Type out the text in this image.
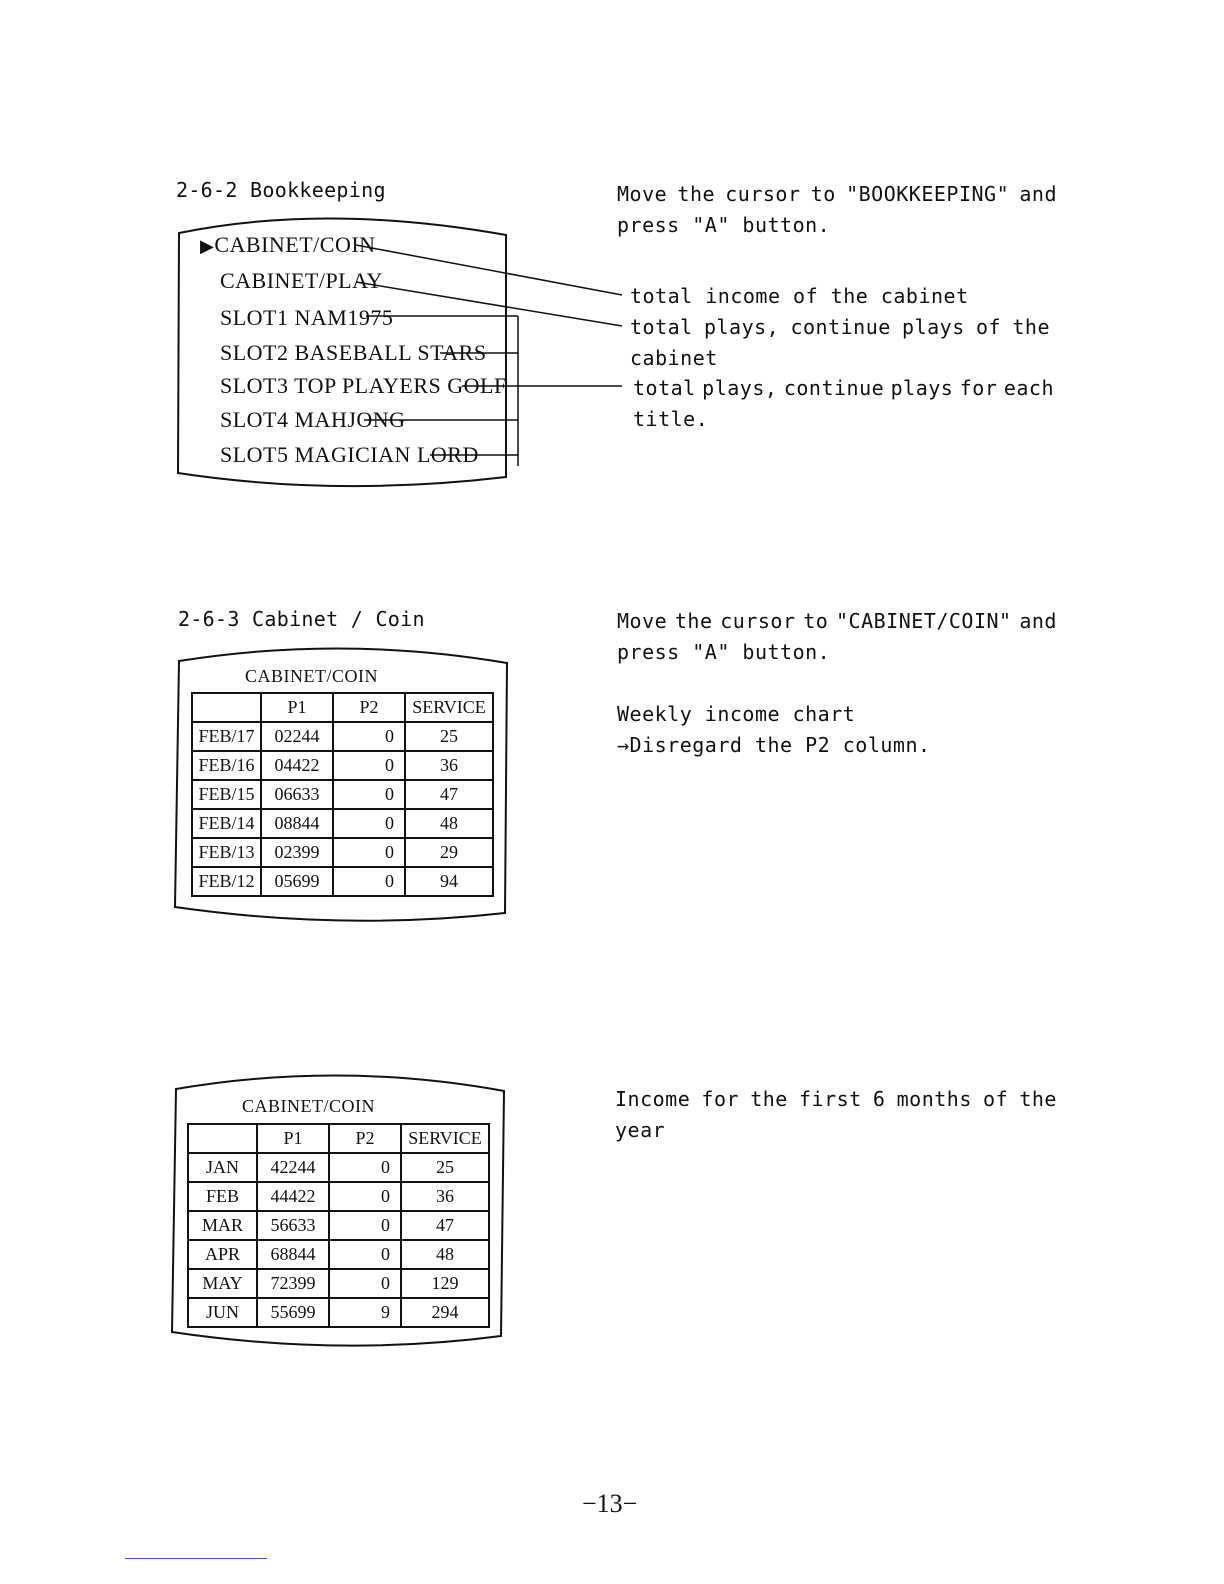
2-6-2 Bookkeeping	Move the cursor to "BOOKKEEPING" and
press "A" button.
▶CABINET/COIN
CABINET/PLAY
SLOT1 NAM1975
SLOT2 BASEBALL STARS
SLOT3 TOP PLAYERS GOLF
SLOT4 MAHJONG
SLOT5 MAGICIAN LORD
total income of the cabinet
total plays, continue plays of the
cabinet
total plays, continue plays for each
title.
2-6-3 Cabinet / Coin	Move the cursor to "CABINET/COIN" and
press "A" button.
Weekly income chart
→Disregard the P2 column.
CABINET/COIN
	P1	P2	SERVICE
FEB/17	02244	0	25
FEB/16	04422	0	36
FEB/15	06633	0	47
FEB/14	08844	0	48
FEB/13	02399	0	29
FEB/12	05699	0	94
Income for the first 6 months of the
year
CABINET/COIN
	P1	P2	SERVICE
JAN	42244	0	25
FEB	44422	0	36
MAR	56633	0	47
APR	68844	0	48
MAY	72399	0	129
JUN	55699	9	294
−13−
